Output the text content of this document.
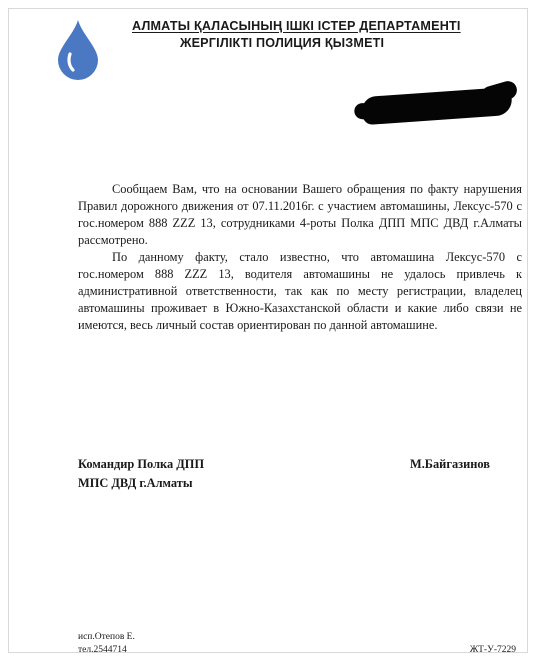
АЛМАТЫ ҚАЛАСЫНЫҢ ІШКІ ІСТЕР ДЕПАРТАМЕНТІ
ЖЕРГІЛІКТІ ПОЛИЦИЯ ҚЫЗМЕТІ

Сообщаем Вам, что на основании Вашего обращения по факту нарушения Правил дорожного движения от 07.11.2016г. с участием автомашины, Лексус-570 с гос.номером 888 ZZZ 13, сотрудниками 4-роты Полка ДПП МПС ДВД г.Алматы рассмотрено.

По данному факту, стало известно, что автомашина Лексус-570 с гос.номером 888 ZZZ 13, водителя автомашины не удалось привлечь к административной ответственности, так как по месту регистрации, владелец автомашины проживает в Южно-Казахстанской области и какие либо связи не имеются, весь личный состав ориентирован по данной автомашине.

Командир Полка ДПП
МПС ДВД г.Алматы
М.Байгазинов
исп.Отепов Е.
тел.2544714	ЖТ-У-7229
